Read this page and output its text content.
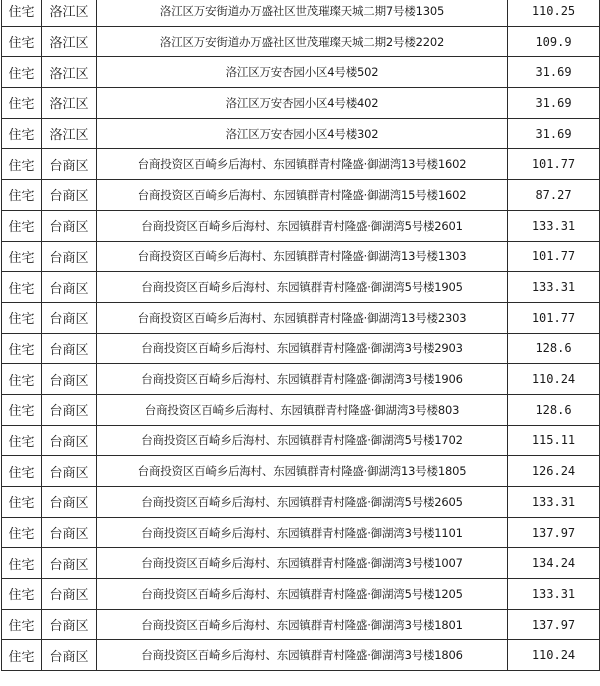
住宅	洛江区	洛江区万安街道办万盛社区世茂璀璨天城二期7号楼1305	110.25
住宅	洛江区	洛江区万安街道办万盛社区世茂璀璨天城二期2号楼2202	109.9
住宅	洛江区	洛江区万安杏园小区4号楼502	31.69
住宅	洛江区	洛江区万安杏园小区4号楼402	31.69
住宅	洛江区	洛江区万安杏园小区4号楼302	31.69
住宅	台商区	台商投资区百崎乡后海村、东园镇群青村隆盛·御湖湾13号楼1602	101.77
住宅	台商区	台商投资区百崎乡后海村、东园镇群青村隆盛·御湖湾15号楼1602	87.27
住宅	台商区	台商投资区百崎乡后海村、东园镇群青村隆盛·御湖湾5号楼2601	133.31
住宅	台商区	台商投资区百崎乡后海村、东园镇群青村隆盛·御湖湾13号楼1303	101.77
住宅	台商区	台商投资区百崎乡后海村、东园镇群青村隆盛·御湖湾5号楼1905	133.31
住宅	台商区	台商投资区百崎乡后海村、东园镇群青村隆盛·御湖湾13号楼2303	101.77
住宅	台商区	台商投资区百崎乡后海村、东园镇群青村隆盛·御湖湾3号楼2903	128.6
住宅	台商区	台商投资区百崎乡后海村、东园镇群青村隆盛·御湖湾3号楼1906	110.24
住宅	台商区	台商投资区百崎乡后海村、东园镇群青村隆盛·御湖湾3号楼803	128.6
住宅	台商区	台商投资区百崎乡后海村、东园镇群青村隆盛·御湖湾5号楼1702	115.11
住宅	台商区	台商投资区百崎乡后海村、东园镇群青村隆盛·御湖湾13号楼1805	126.24
住宅	台商区	台商投资区百崎乡后海村、东园镇群青村隆盛·御湖湾5号楼2605	133.31
住宅	台商区	台商投资区百崎乡后海村、东园镇群青村隆盛·御湖湾3号楼1101	137.97
住宅	台商区	台商投资区百崎乡后海村、东园镇群青村隆盛·御湖湾3号楼1007	134.24
住宅	台商区	台商投资区百崎乡后海村、东园镇群青村隆盛·御湖湾5号楼1205	133.31
住宅	台商区	台商投资区百崎乡后海村、东园镇群青村隆盛·御湖湾3号楼1801	137.97
住宅	台商区	台商投资区百崎乡后海村、东园镇群青村隆盛·御湖湾3号楼1806	110.24
